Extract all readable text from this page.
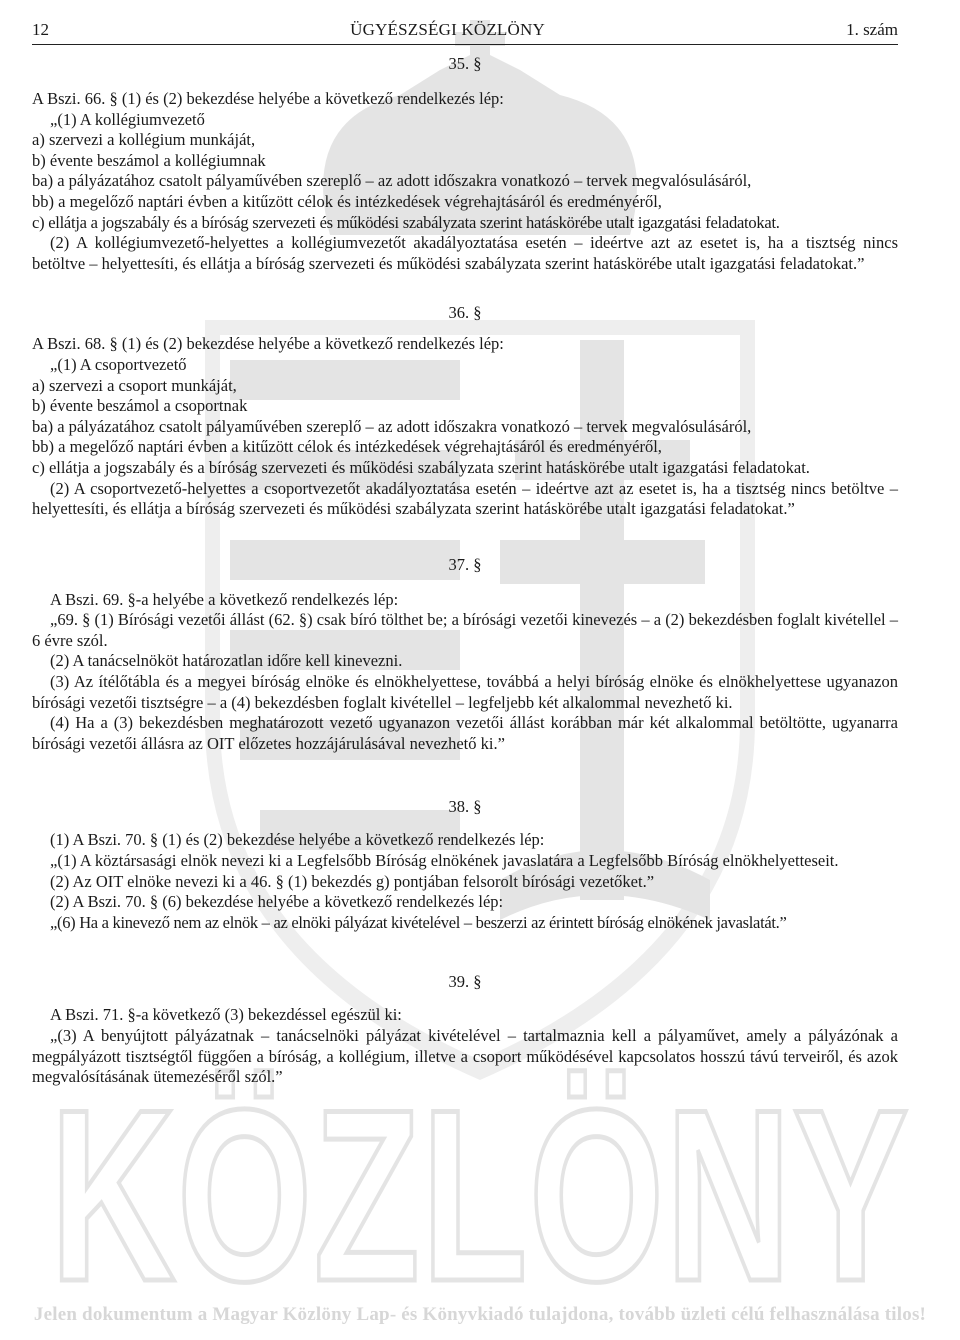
KÖZLÖNY
12	ÜGYÉSZSÉGI KÖZLÖNY	1. szám

35. §

A Bszi. 66. § (1) és (2) bekezdése helyébe a következő rendelkezés lép:

„(1) A kollégiumvezető

a) szervezi a kollégium munkáját,

b) évente beszámol a kollégiumnak

ba) a pályázatához csatolt pályaművében szereplő – az adott időszakra vonatkozó – tervek megvalósulásáról,

bb) a megelőző naptári évben a kitűzött célok és intézkedések végrehajtásáról és eredményéről,

c) ellátja a jogszabály és a bíróság szervezeti és működési szabályzata szerint hatáskörébe utalt igazgatási feladatokat.

(2) A kollégiumvezető-helyettes a kollégiumvezetőt akadályoztatása esetén – ideértve azt az esetet is, ha a tisztség nincs betöltve – helyettesíti, és ellátja a bíróság szervezeti és működési szabályzata szerint hatáskörébe utalt igazgatási feladatokat.”

36. §

A Bszi. 68. § (1) és (2) bekezdése helyébe a következő rendelkezés lép:

„(1) A csoportvezető

a) szervezi a csoport munkáját,

b) évente beszámol a csoportnak

ba) a pályázatához csatolt pályaművében szereplő – az adott időszakra vonatkozó – tervek megvalósulásáról,

bb) a megelőző naptári évben a kitűzött célok és intézkedések végrehajtásáról és eredményéről,

c) ellátja a jogszabály és a bíróság szervezeti és működési szabályzata szerint hatáskörébe utalt igazgatási feladatokat.

(2) A csoportvezető-helyettes a csoportvezetőt akadályoztatása esetén – ideértve azt az esetet is, ha a tisztség nincs betöltve – helyettesíti, és ellátja a bíróság szervezeti és működési szabályzata szerint hatáskörébe utalt igazgatási feladatokat.”

37. §

A Bszi. 69. §-a helyébe a következő rendelkezés lép:

„69. § (1) Bírósági vezetői állást (62. §) csak bíró tölthet be; a bírósági vezetői kinevezés – a (2) bekezdésben foglalt kivétellel – 6 évre szól.

(2) A tanácselnököt határozatlan időre kell kinevezni.

(3) Az ítélőtábla és a megyei bíróság elnöke és elnökhelyettese, továbbá a helyi bíróság elnöke és elnökhelyettese ugyanazon bírósági vezetői tisztségre – a (4) bekezdésben foglalt kivétellel – legfeljebb két alkalommal nevezhető ki.

(4) Ha a (3) bekezdésben meghatározott vezető ugyanazon vezetői állást korábban már két alkalommal betöltötte, ugyanarra bírósági vezetői állásra az OIT előzetes hozzájárulásával nevezhető ki.”

38. §

(1) A Bszi. 70. § (1) és (2) bekezdése helyébe a következő rendelkezés lép:

„(1) A köztársasági elnök nevezi ki a Legfelsőbb Bíróság elnökének javaslatára a Legfelsőbb Bíróság elnökhelyetteseit.

(2) Az OIT elnöke nevezi ki a 46. § (1) bekezdés g) pontjában felsorolt bírósági vezetőket.”

(2) A Bszi. 70. § (6) bekezdése helyébe a következő rendelkezés lép:

„(6) Ha a kinevező nem az elnök – az elnöki pályázat kivételével – beszerzi az érintett bíróság elnökének javaslatát.”

39. §

A Bszi. 71. §-a következő (3) bekezdéssel egészül ki:

„(3) A benyújtott pályázatnak – tanácselnöki pályázat kivételével – tartalmaznia kell a pályaművet, amely a pályázónak a megpályázott tisztségtől függően a bíróság, a kollégium, illetve a csoport működésével kapcsolatos hosszú távú terveiről, és azok megvalósításának ütemezéséről szól.”

Jelen dokumentum a Magyar Közlöny Lap- és Könyvkiadó tulajdona, tovább üzleti célú felhasználása tilos!
